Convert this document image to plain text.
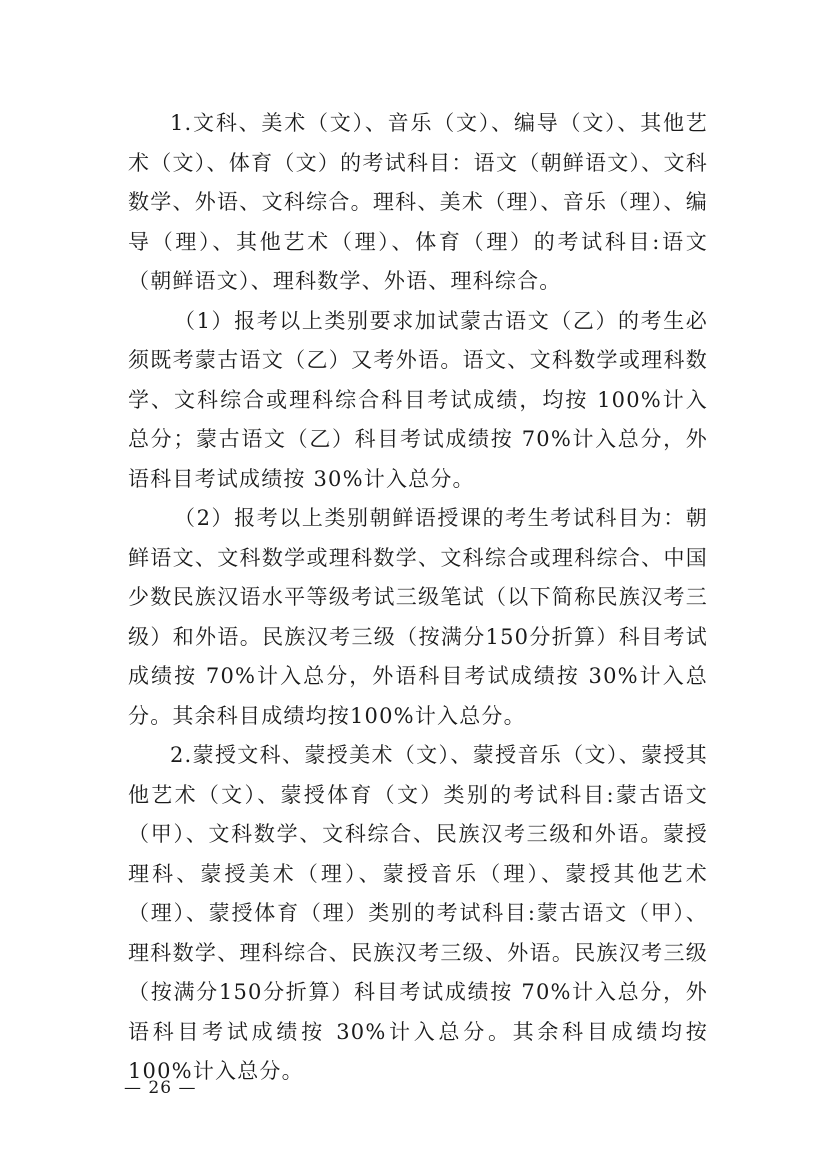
1.文科、美术（文）、音乐（文）、编导（文）、其他艺术（文）、体育（文）的考试科目：语文（朝鲜语文）、文科数学、外语、文科综合。理科、美术（理）、音乐（理）、编导（理）、其他艺术（理）、体育（理）的考试科目:语文（朝鲜语文）、理科数学、外语、理科综合。

（1）报考以上类别要求加试蒙古语文（乙）的考生必须既考蒙古语文（乙）又考外语。语文、文科数学或理科数学、文科综合或理科综合科目考试成绩，均按 100%计入总分；蒙古语文（乙）科目考试成绩按 70%计入总分，外语科目考试成绩按 30%计入总分。

（2）报考以上类别朝鲜语授课的考生考试科目为：朝鲜语文、文科数学或理科数学、文科综合或理科综合、中国少数民族汉语水平等级考试三级笔试（以下简称民族汉考三级）和外语。民族汉考三级（按满分150分折算）科目考试成绩按 70%计入总分，外语科目考试成绩按 30%计入总分。其余科目成绩均按100%计入总分。

2.蒙授文科、蒙授美术（文）、蒙授音乐（文）、蒙授其他艺术（文）、蒙授体育（文）类别的考试科目:蒙古语文（甲）、文科数学、文科综合、民族汉考三级和外语。蒙授理科、蒙授美术（理）、蒙授音乐（理）、蒙授其他艺术（理）、蒙授体育（理）类别的考试科目:蒙古语文（甲）、理科数学、理科综合、民族汉考三级、外语。民族汉考三级（按满分150分折算）科目考试成绩按 70%计入总分，外语科目考试成绩按 30%计入总分。其余科目成绩均按100%计入总分。

— 26 —
